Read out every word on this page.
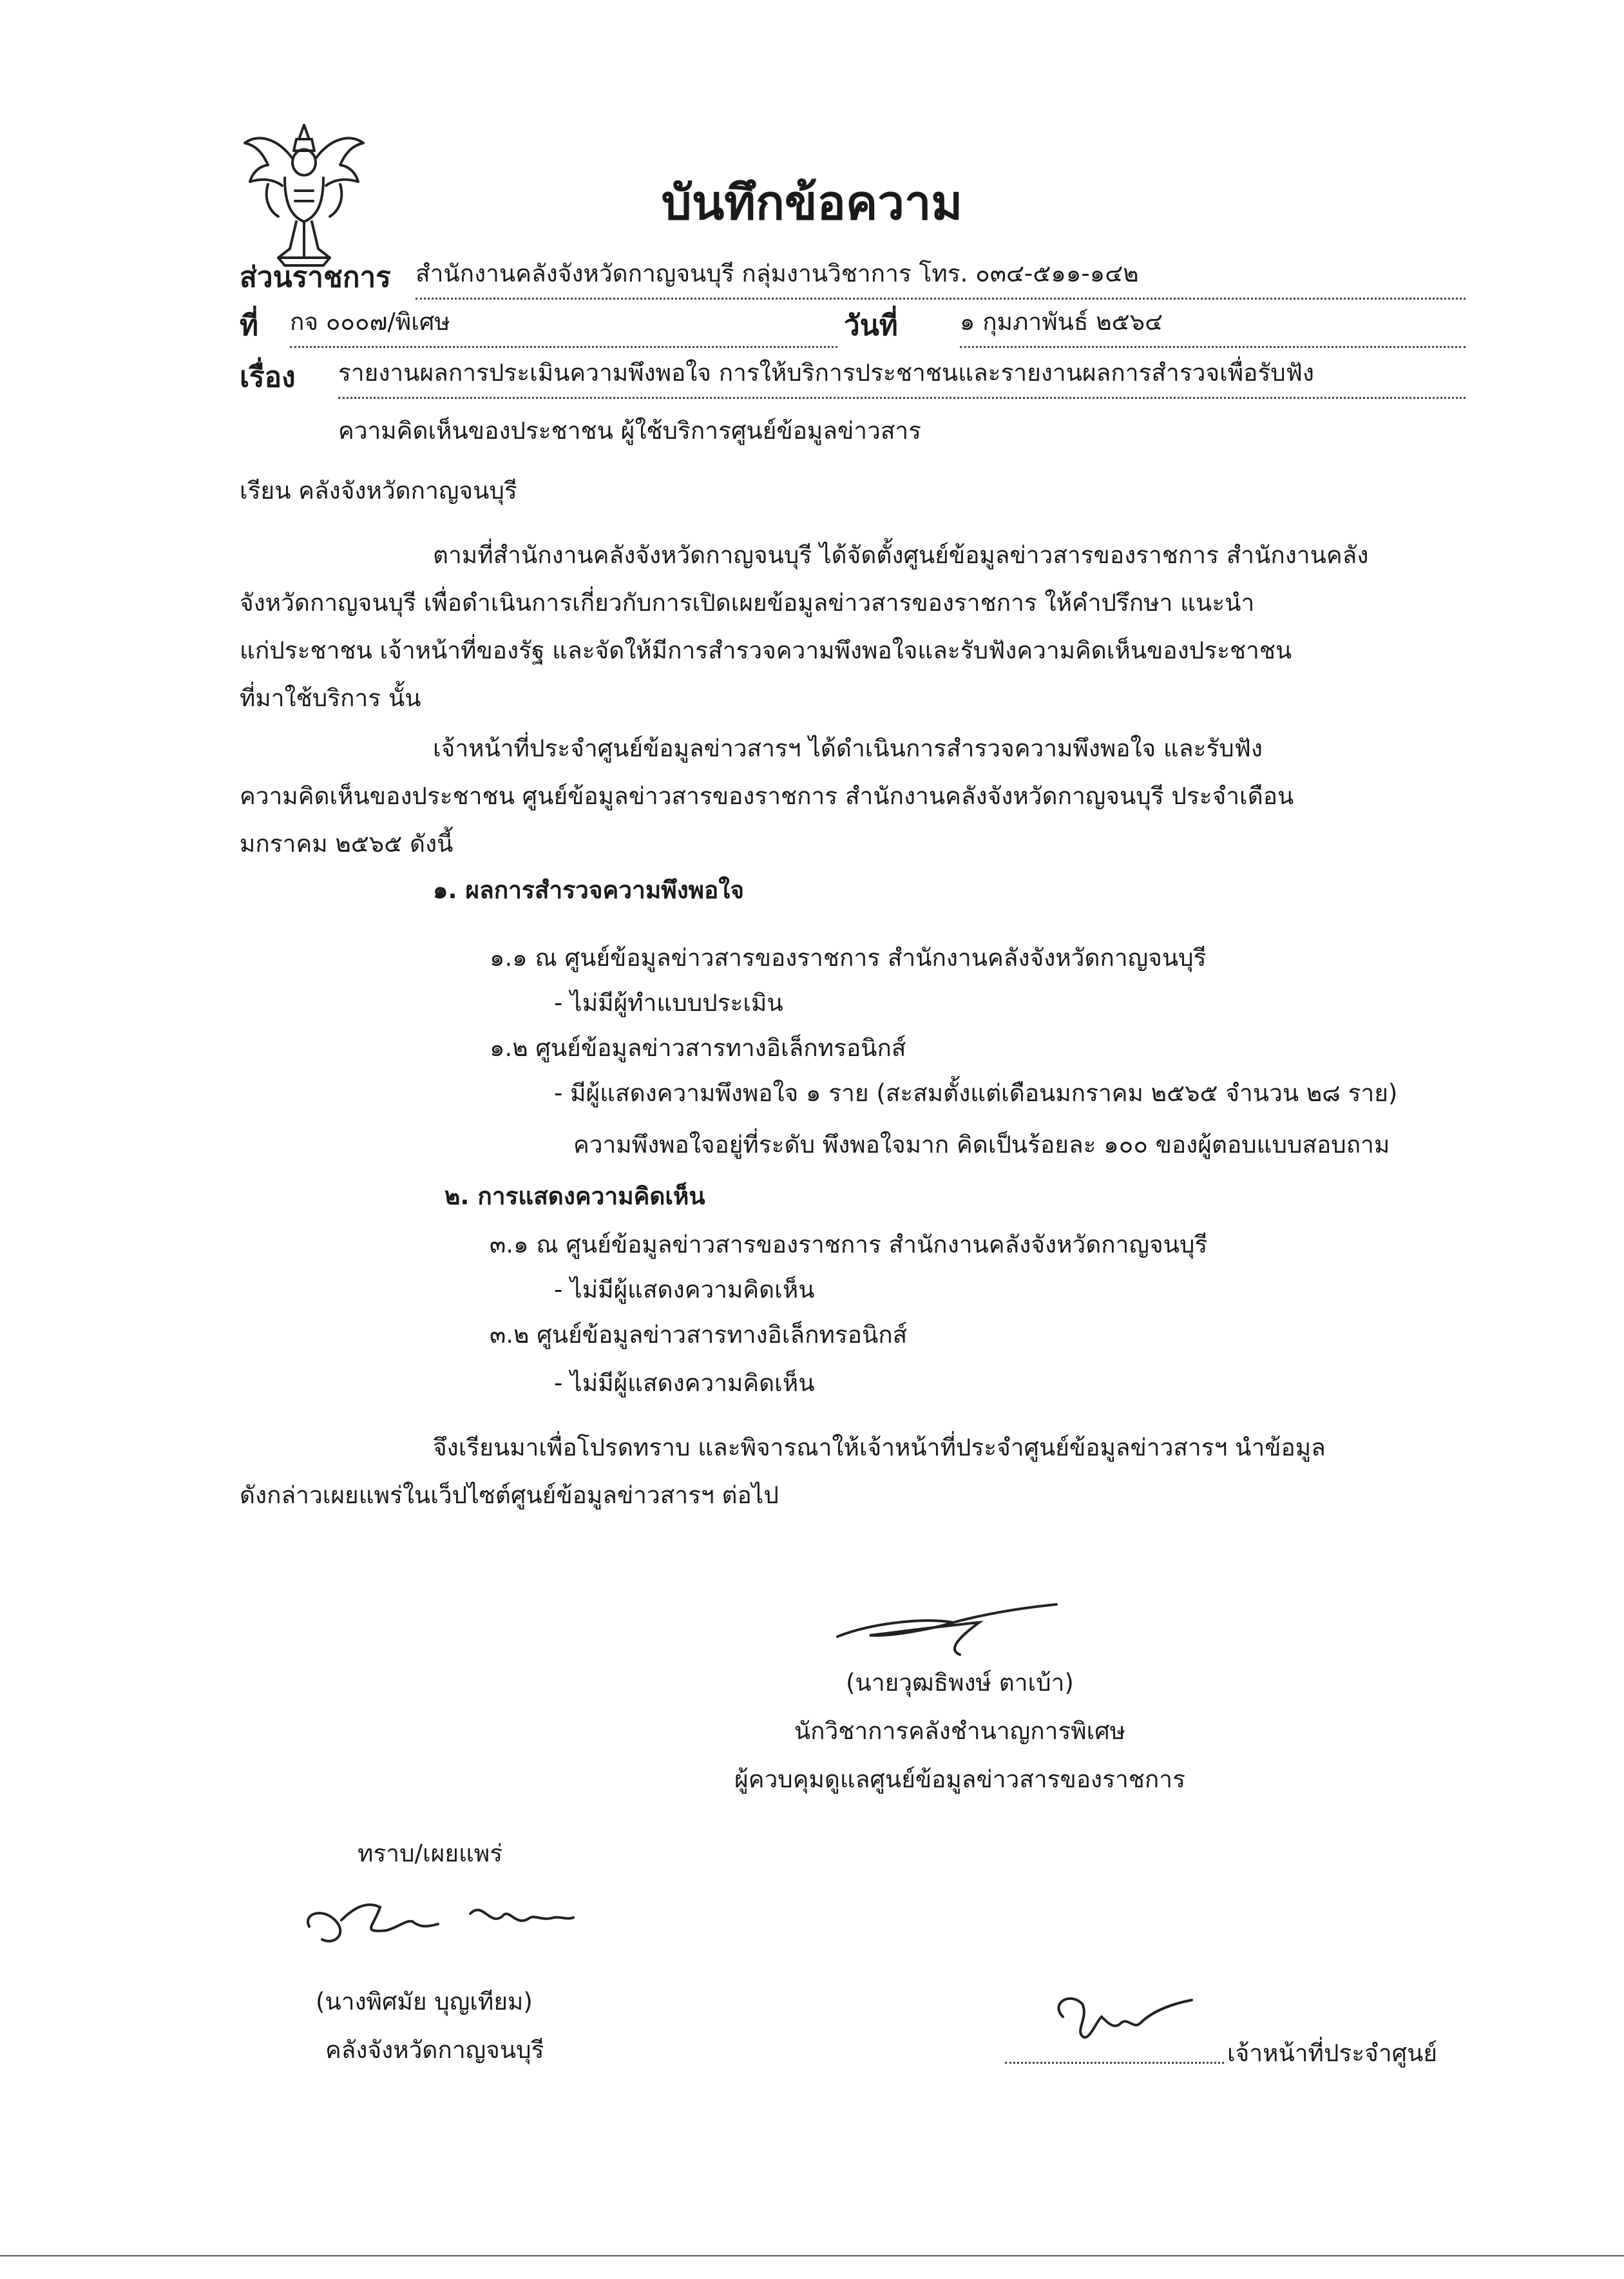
บันทึกข้อความ
ส่วนราชการ สำนักงานคลังจังหวัดกาญจนบุรี กลุ่มงานวิชาการ โทร. ๐๓๔-๕๑๑-๑๔๒
ที่ กจ ๐๐๐๗/พิเศษ	วันที่	๑ กุมภาพันธ์ ๒๕๖๔
เรื่อง รายงานผลการประเมินความพึงพอใจ การให้บริการประชาชนและรายงานผลการสำรวจเพื่อรับฟัง
ความคิดเห็นของประชาชน ผู้ใช้บริการศูนย์ข้อมูลข่าวสาร
เรียน คลังจังหวัดกาญจนบุรี
ตามที่สำนักงานคลังจังหวัดกาญจนบุรี ได้จัดตั้งศูนย์ข้อมูลข่าวสารของราชการ สำนักงานคลัง
จังหวัดกาญจนบุรี เพื่อดำเนินการเกี่ยวกับการเปิดเผยข้อมูลข่าวสารของราชการ ให้คำปรึกษา แนะนำ
แก่ประชาชน เจ้าหน้าที่ของรัฐ และจัดให้มีการสำรวจความพึงพอใจและรับฟังความคิดเห็นของประชาชน
ที่มาใช้บริการ นั้น
เจ้าหน้าที่ประจำศูนย์ข้อมูลข่าวสารฯ ได้ดำเนินการสำรวจความพึงพอใจ และรับฟัง
ความคิดเห็นของประชาชน ศูนย์ข้อมูลข่าวสารของราชการ สำนักงานคลังจังหวัดกาญจนบุรี ประจำเดือน
มกราคม ๒๕๖๕ ดังนี้
๑. ผลการสำรวจความพึงพอใจ
๑.๑ ณ ศูนย์ข้อมูลข่าวสารของราชการ สำนักงานคลังจังหวัดกาญจนบุรี
- ไม่มีผู้ทำแบบประเมิน
๑.๒ ศูนย์ข้อมูลข่าวสารทางอิเล็กทรอนิกส์
- มีผู้แสดงความพึงพอใจ ๑ ราย (สะสมตั้งแต่เดือนมกราคม ๒๕๖๕ จำนวน ๒๘ ราย)
ความพึงพอใจอยู่ที่ระดับ พึงพอใจมาก คิดเป็นร้อยละ ๑๐๐ ของผู้ตอบแบบสอบถาม
๒. การแสดงความคิดเห็น
๓.๑ ณ ศูนย์ข้อมูลข่าวสารของราชการ สำนักงานคลังจังหวัดกาญจนบุรี
- ไม่มีผู้แสดงความคิดเห็น
๓.๒ ศูนย์ข้อมูลข่าวสารทางอิเล็กทรอนิกส์
- ไม่มีผู้แสดงความคิดเห็น
จึงเรียนมาเพื่อโปรดทราบ และพิจารณาให้เจ้าหน้าที่ประจำศูนย์ข้อมูลข่าวสารฯ นำข้อมูล
ดังกล่าวเผยแพร่ในเว็ปไซต์ศูนย์ข้อมูลข่าวสารฯ ต่อไป
(นายวุฒธิพงษ์ ตาเบ้า)
นักวิชาการคลังชำนาญการพิเศษ
ผู้ควบคุมดูแลศูนย์ข้อมูลข่าวสารของราชการ
ทราบ/เผยแพร่
(นางพิศมัย บุญเทียม)
คลังจังหวัดกาญจนบุรี	เจ้าหน้าที่ประจำศูนย์
